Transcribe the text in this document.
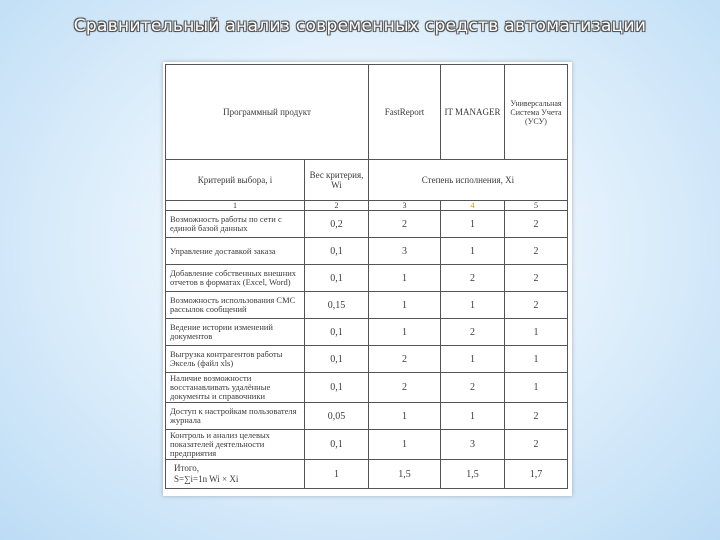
Сравнительный анализ современных средств автоматизации
Программный продукт		FastReport	IT MANAGER	Универсальная Система Учета (УСУ)
Критерий выбора, i	Вес критерия, Wi	Степень исполнения, Xi		
1	2	3	4	5
Возможность работы по сети с единой базой данных	0,2	2	1	2
Управление доставкой заказа	0,1	3	1	2
Добавление собственных внешних отчетов в форматах (Excel, Word)	0,1	1	2	2
Возможность использования СМС рассылок сообщений	0,15	1	1	2
Ведение истории изменений документов	0,1	1	2	1
Выгрузка контрагентов работы Эксель (файл xls)	0,1	2	1	1
Наличие возможности восстанавливать удалённые документы и справочники	0,1	2	2	1
Доступ к настройкам пользователя журнала	0,05	1	1	2
Контроль и анализ целевых показателей деятельности предприятия	0,1	1	3	2

Итого,
S=∑i=1n Wi × Xi	1	1,5	1,5	1,7
